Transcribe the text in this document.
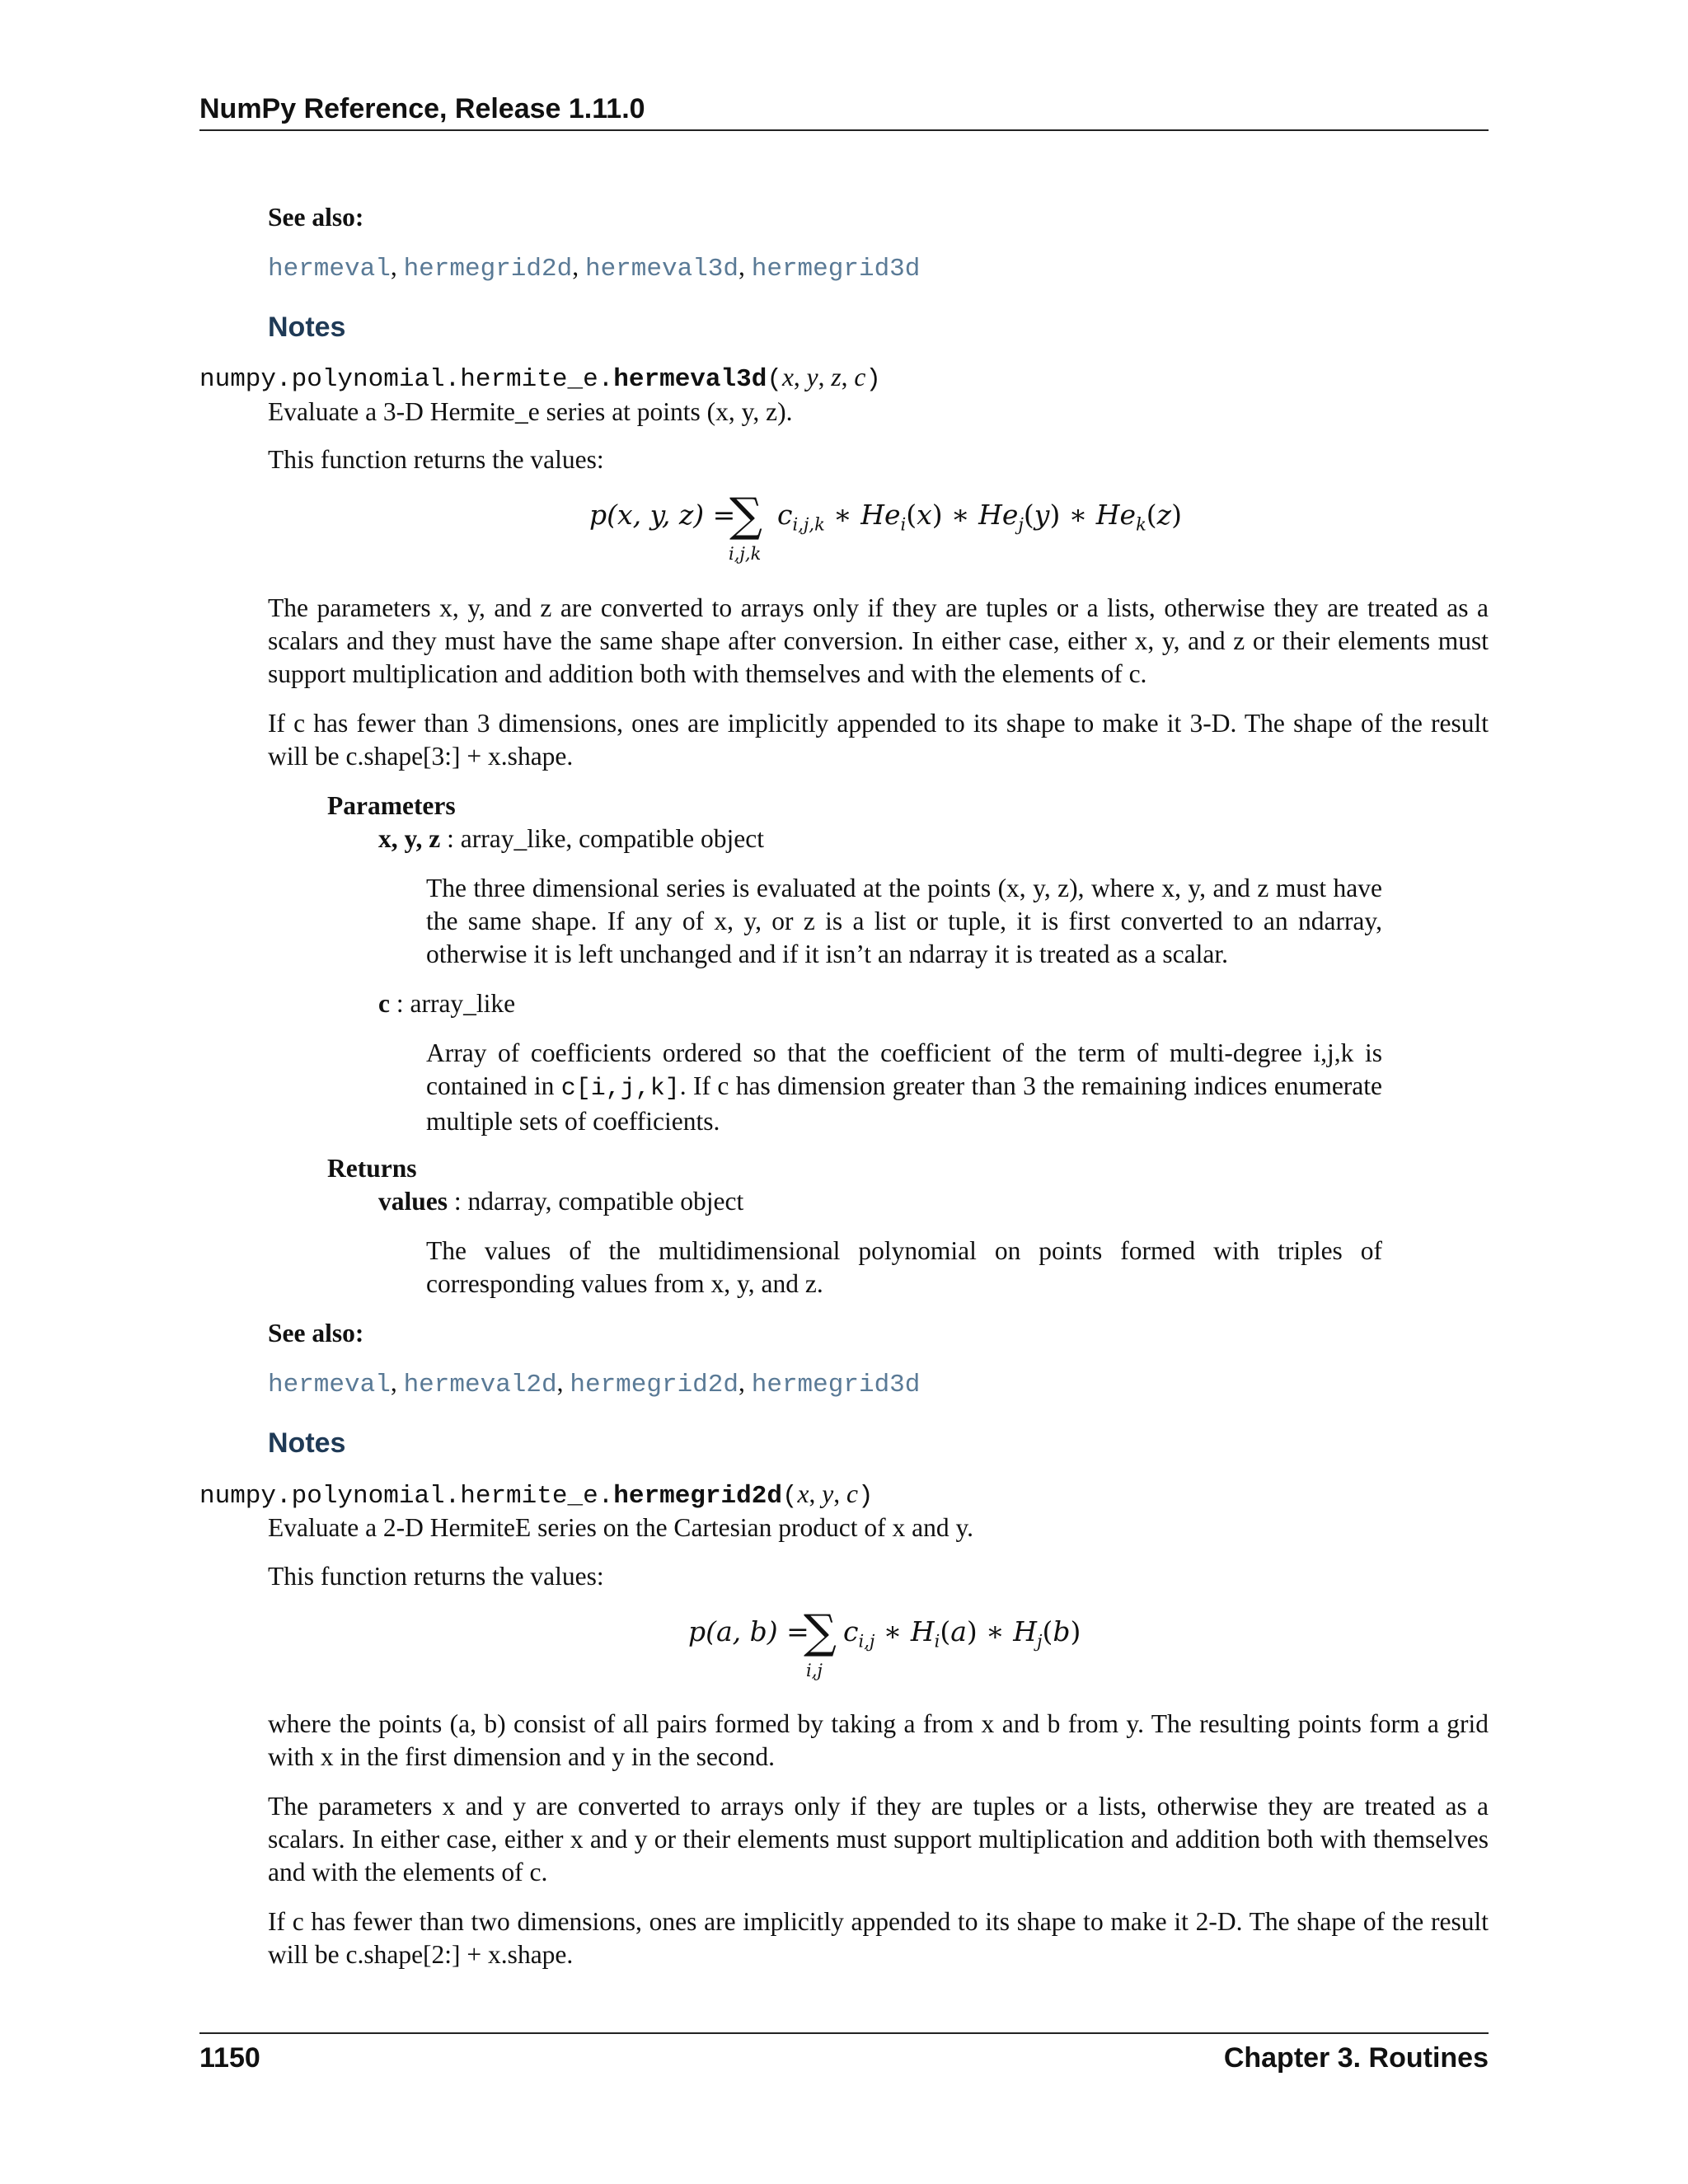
NumPy Reference, Release 1.11.0
See also:
hermeval, hermegrid2d, hermeval3d, hermegrid3d
Notes
numpy.polynomial.hermite_e.hermeval3d(x, y, z, c)
Evaluate a 3-D Hermite_e series at points (x, y, z).
This function returns the values:
p(x, y, z) =
∑
i,j,k
$c_{i,j,k}$ ∗ $He_i(x)$ ∗ $He_j(y)$ ∗ $He_k(z)$

The parameters x, y, and z are converted to arrays only if they are tuples or a lists, otherwise they are treated as a scalars and they must have the same shape after conversion. In either case, either x, y, and z or their elements must support multiplication and addition both with themselves and with the elements of c.

If c has fewer than 3 dimensions, ones are implicitly appended to its shape to make it 3-D. The shape of the result will be c.shape[3:] + x.shape.

Parameters
x, y, z : array_like, compatible object
The three dimensional series is evaluated at the points (x, y, z), where x, y, and z must have the same shape. If any of x, y, or z is a list or tuple, it is first converted to an ndarray, otherwise it is left unchanged and if it isn’t an ndarray it is treated as a scalar.
c : array_like
Array of coefficients ordered so that the coefficient of the term of multi-degree i,j,k is contained in c[i,j,k]. If c has dimension greater than 3 the remaining indices enumerate multiple sets of coefficients.
Returns
values : ndarray, compatible object
The values of the multidimensional polynomial on points formed with triples of corresponding values from x, y, and z.
See also:
hermeval, hermeval2d, hermegrid2d, hermegrid3d
Notes
numpy.polynomial.hermite_e.hermegrid2d(x, y, c)
Evaluate a 2-D HermiteE series on the Cartesian product of x and y.
This function returns the values:
p(a, b) =
∑
i,j
$c_{i,j}$ ∗ $H_i(a)$ ∗ $H_j(b)$

where the points (a, b) consist of all pairs formed by taking a from x and b from y. The resulting points form a grid with x in the first dimension and y in the second.

The parameters x and y are converted to arrays only if they are tuples or a lists, otherwise they are treated as a scalars. In either case, either x and y or their elements must support multiplication and addition both with themselves and with the elements of c.

If c has fewer than two dimensions, ones are implicitly appended to its shape to make it 2-D. The shape of the result will be c.shape[2:] + x.shape.

1150	Chapter 3. Routines
